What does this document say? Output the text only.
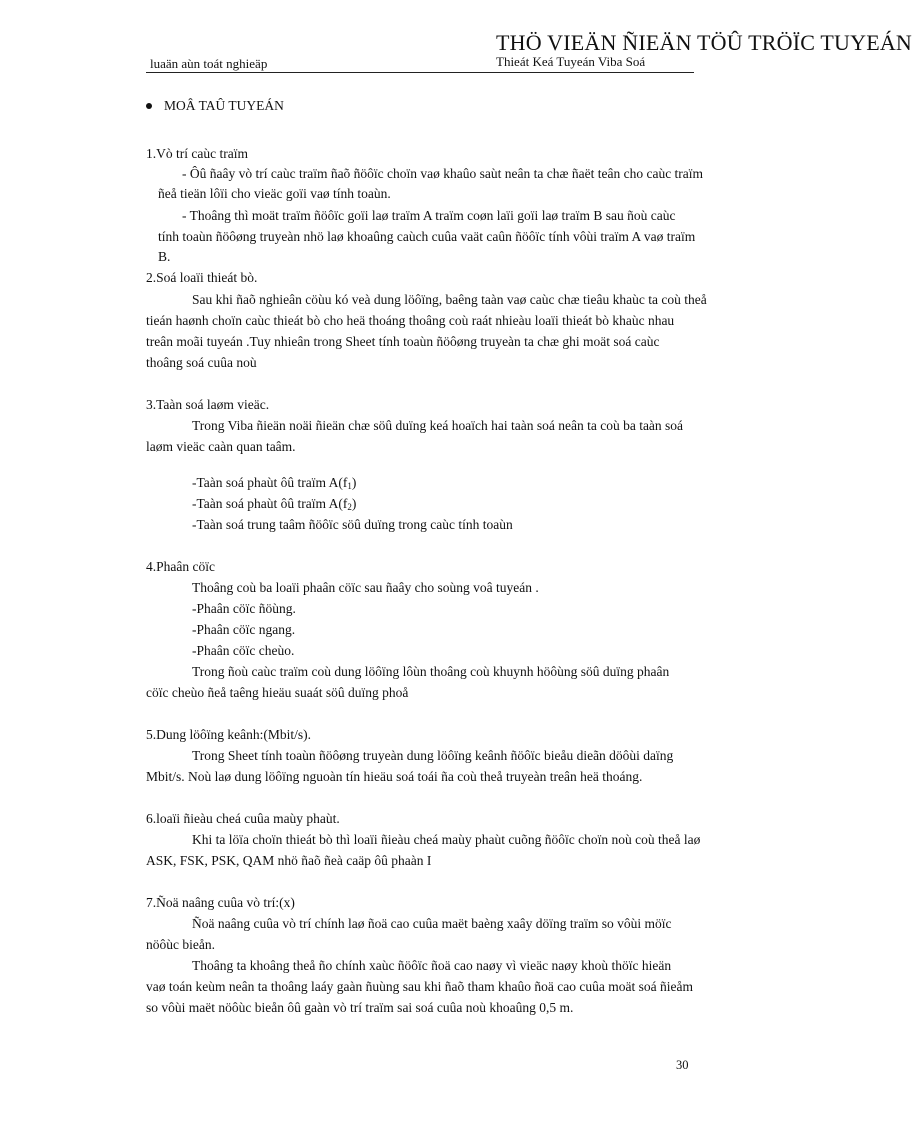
THÖ VIEÄN ÑIEÄN TÖÛ TRÖÏC TUYEÁN
luaän aùn toát nghieäp	Thieát Keá Tuyeán Viba Soá
MOÂ TAÛ TUYEÁN
1.Vò trí caùc traïm
- Ôû ñaây vò trí caùc traïm ñaõ ñöôïc choïn vaø khaûo saùt neân ta chæ ñaët teân cho caùc traïm
ñeå tieän lôïi cho vieäc goïi vaø tính toaùn.
- Thoâng thì moät traïm ñöôïc goïi laø traïm A traïm coøn laïi goïi laø traïm B sau ñoù caùc
tính toaùn ñöôøng truyeàn nhö laø khoaûng caùch cuûa vaät caûn ñöôïc tính vôùi traïm A vaø traïm
B.
2.Soá loaïi thieát bò.
Sau khi ñaõ nghieân cöùu kó veà dung löôïng, baêng taàn vaø caùc chæ tieâu khaùc ta coù theå
tieán haønh choïn caùc thieát bò cho heä thoáng thoâng coù raát nhieàu loaïi thieát bò khaùc nhau
treân moãi tuyeán .Tuy nhieân trong Sheet tính toaùn ñöôøng truyeàn ta chæ ghi moät soá caùc
thoâng soá cuûa noù
3.Taàn soá laøm vieäc.
Trong Viba ñieän noäi ñieän chæ söû duïng keá hoaïch hai taàn soá neân ta coù ba taàn soá
laøm vieäc caàn quan taâm.
-Taàn soá phaùt ôû traïm $A(f_1)$
-Taàn soá phaùt ôû traïm $A(f_2)$
-Taàn soá trung taâm ñöôïc söû duïng trong caùc tính toaùn
4.Phaân cöïc
Thoâng coù ba loaïi phaân cöïc sau ñaây cho soùng voâ tuyeán .
-Phaân cöïc ñöùng.
-Phaân cöïc ngang.
-Phaân cöïc cheùo.
Trong ñoù caùc traïm coù dung löôïng lôùn thoâng coù khuynh höôùng söû duïng phaân
cöïc cheùo ñeå taêng hieäu suaát söû duïng phoå
5.Dung löôïng keânh:(Mbit/s).
Trong Sheet tính toaùn ñöôøng truyeàn dung löôïng keânh ñöôïc bieåu dieãn döôùi daïng
Mbit/s. Noù laø dung löôïng nguoàn tín hieäu soá toái ña coù theå truyeàn treân heä thoáng.
6.loaïi ñieàu cheá cuûa maùy phaùt.
Khi ta löïa choïn thieát bò thì loaïi ñieàu cheá maùy phaùt cuõng ñöôïc choïn noù coù theå laø
ASK, FSK, PSK, QAM nhö ñaõ ñeà caäp ôû phaàn I
7.Ñoä naâng cuûa vò trí:(x)
Ñoä naâng cuûa vò trí chính laø ñoä cao cuûa maët baèng xaây döïng traïm so vôùi möïc
nöôùc bieån.
Thoâng ta khoâng theå ño chính xaùc ñöôïc ñoä cao naøy vì vieäc naøy khoù thöïc hieän
vaø toán keùm neân ta thoâng laáy gaàn ñuùng sau khi ñaõ tham khaûo ñoä cao cuûa moät soá ñieåm
so vôùi maët nöôùc bieån ôû gaàn vò trí traïm sai soá cuûa noù khoaûng 0,5 m.
30
